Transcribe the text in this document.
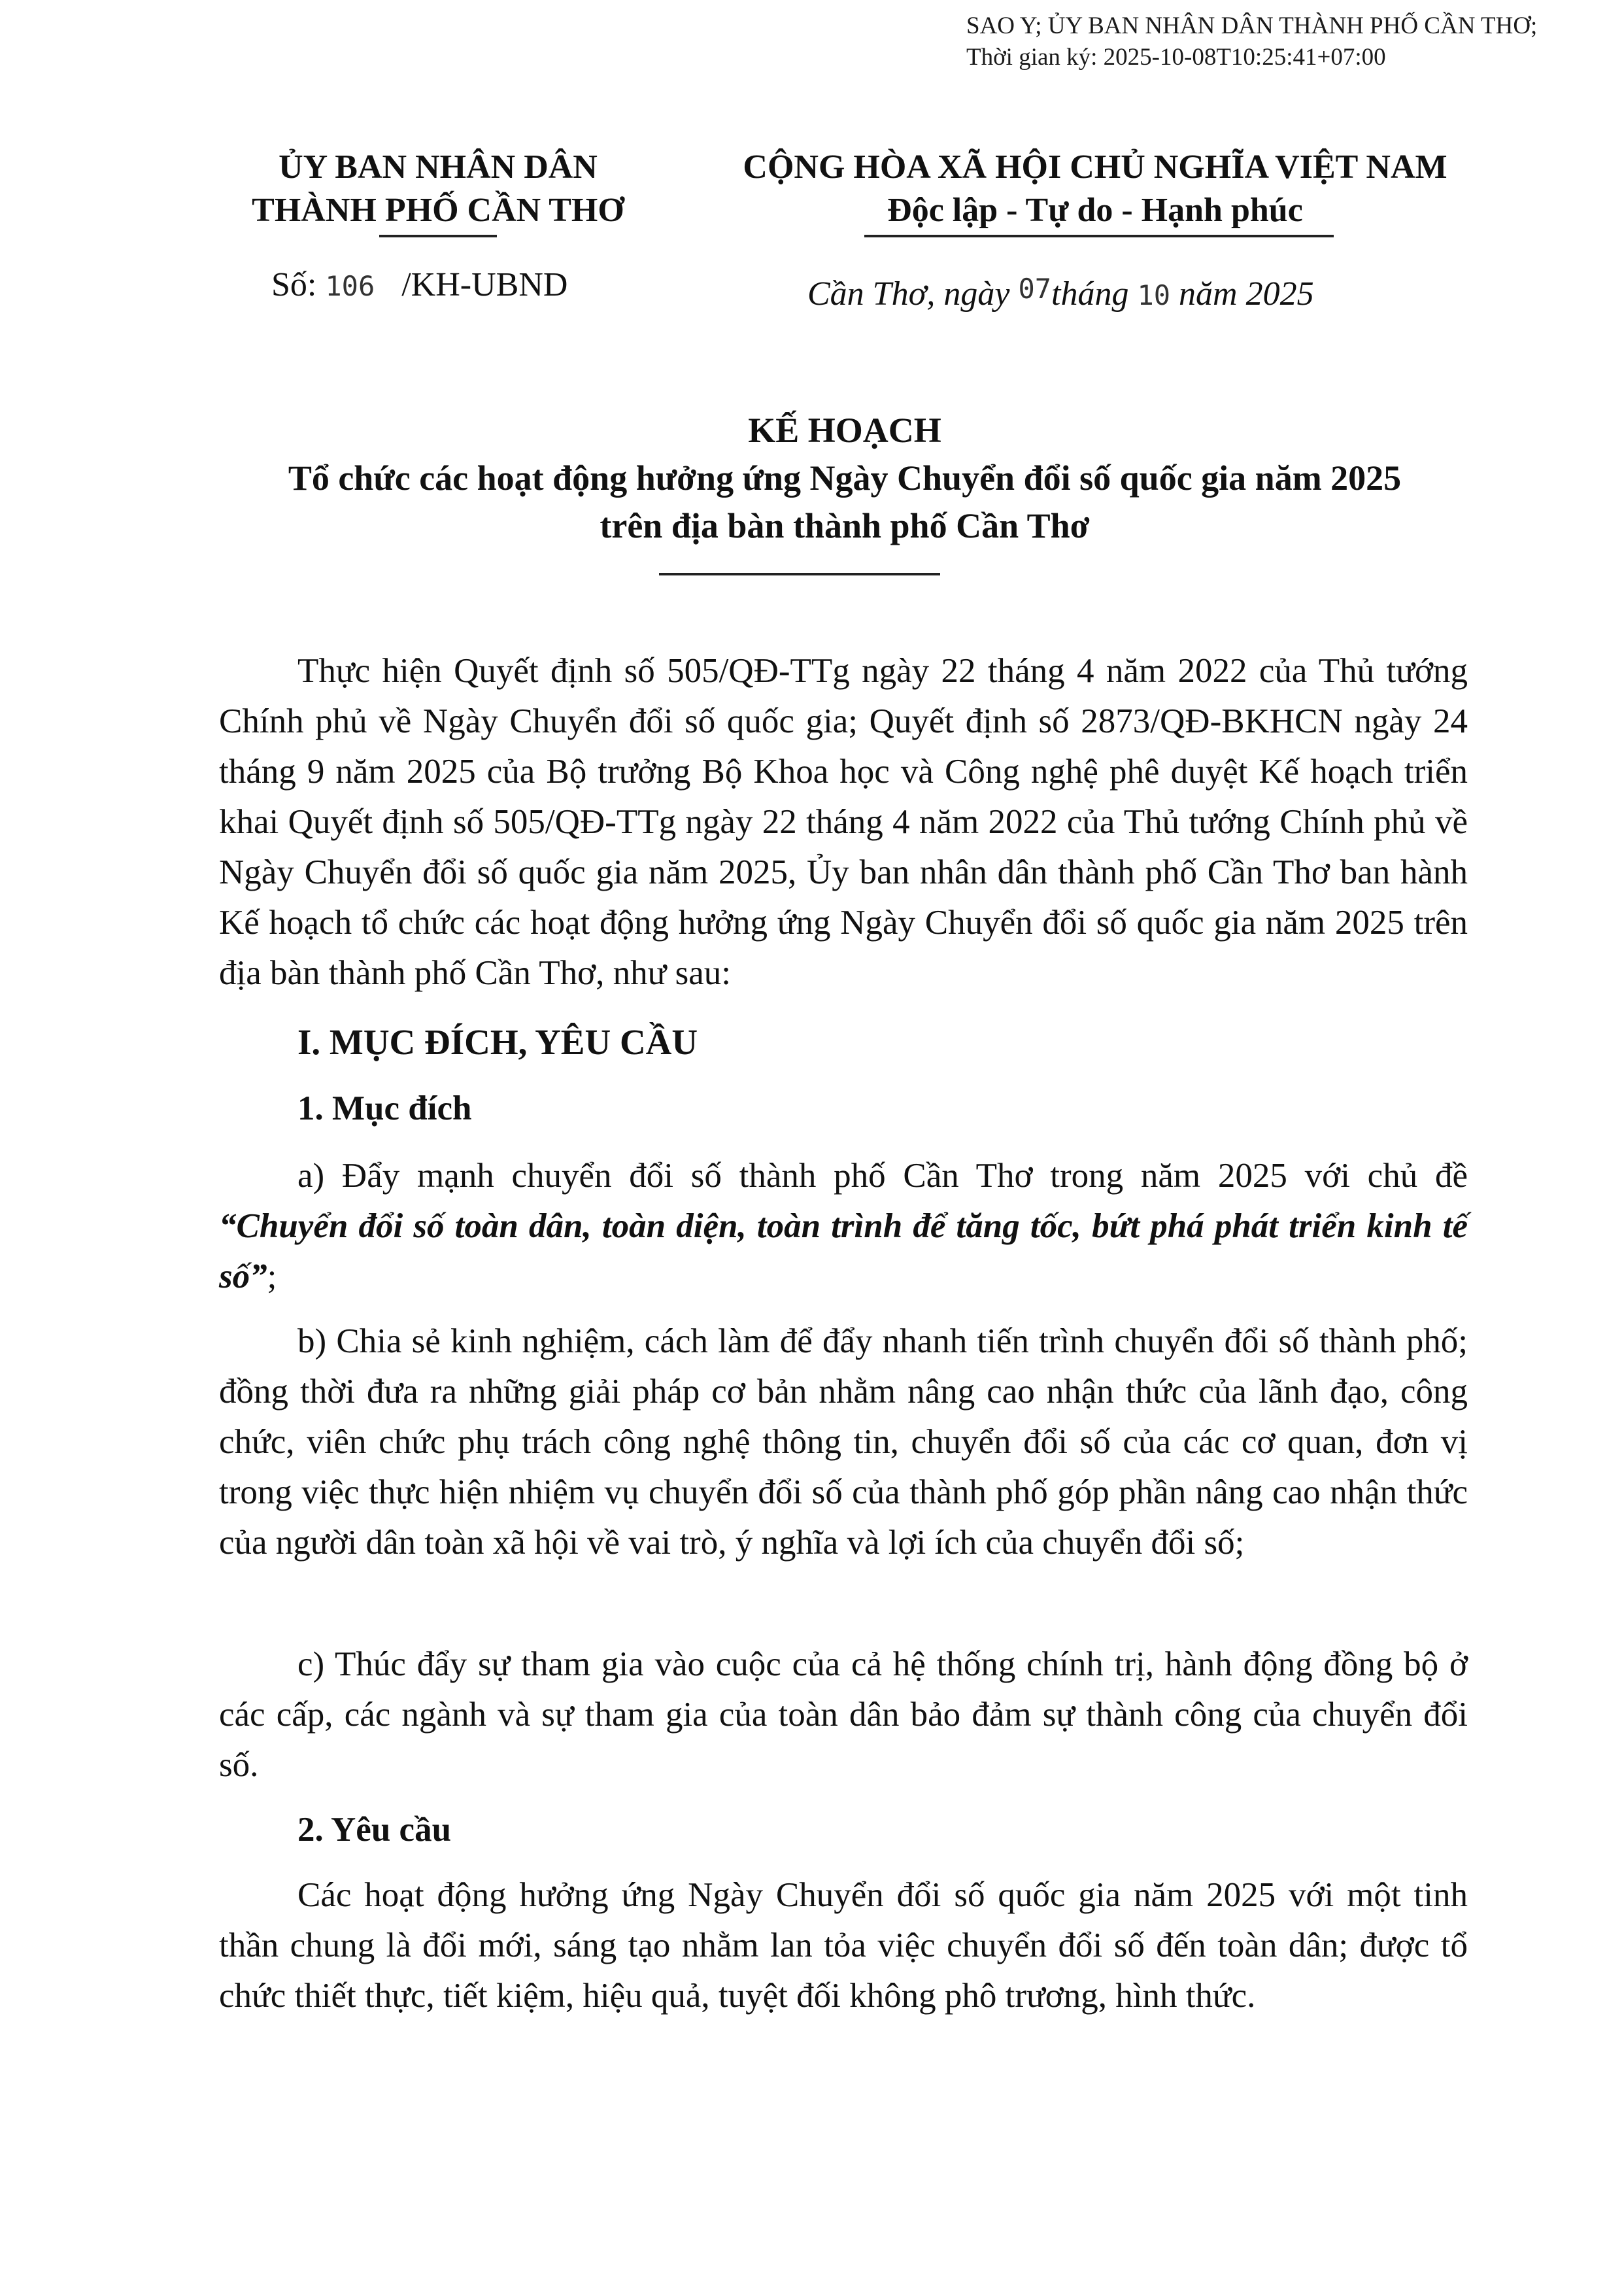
SAO Y; ỦY BAN NHÂN DÂN THÀNH PHỐ CẦN THƠ;
Thời gian ký: 2025-10-08T10:25:41+07:00
ỦY BAN NHÂN DÂN
THÀNH PHỐ CẦN THƠ
CỘNG HÒA XÃ HỘI CHỦ NGHĨA VIỆT NAM
Độc lập - Tự do - Hạnh phúc
Số: 106 /KH-UBND	Cần Thơ, ngày 07tháng 10 năm 2025
KẾ HOẠCH
Tổ chức các hoạt động hưởng ứng Ngày Chuyển đổi số quốc gia năm 2025
trên địa bàn thành phố Cần Thơ

Thực hiện Quyết định số 505/QĐ-TTg ngày 22 tháng 4 năm 2022 của Thủ tướng Chính phủ về Ngày Chuyển đổi số quốc gia; Quyết định số 2873/QĐ-BKHCN ngày 24 tháng 9 năm 2025 của Bộ trưởng Bộ Khoa học và Công nghệ phê duyệt Kế hoạch triển khai Quyết định số 505/QĐ-TTg ngày 22 tháng 4 năm 2022 của Thủ tướng Chính phủ về Ngày Chuyển đổi số quốc gia năm 2025, Ủy ban nhân dân thành phố Cần Thơ ban hành Kế hoạch tổ chức các hoạt động hưởng ứng Ngày Chuyển đổi số quốc gia năm 2025 trên địa bàn thành phố Cần Thơ, như sau:

I. MỤC ĐÍCH, YÊU CẦU
1. Mục đích

a) Đẩy mạnh chuyển đổi số thành phố Cần Thơ trong năm 2025 với chủ đề “Chuyển đổi số toàn dân, toàn diện, toàn trình để tăng tốc, bứt phá phát triển kinh tế số”;

b) Chia sẻ kinh nghiệm, cách làm để đẩy nhanh tiến trình chuyển đổi số thành phố; đồng thời đưa ra những giải pháp cơ bản nhằm nâng cao nhận thức của lãnh đạo, công chức, viên chức phụ trách công nghệ thông tin, chuyển đổi số của các cơ quan, đơn vị trong việc thực hiện nhiệm vụ chuyển đổi số của thành phố góp phần nâng cao nhận thức của người dân toàn xã hội về vai trò, ý nghĩa và lợi ích của chuyển đổi số;

c) Thúc đẩy sự tham gia vào cuộc của cả hệ thống chính trị, hành động đồng bộ ở các cấp, các ngành và sự tham gia của toàn dân bảo đảm sự thành công của chuyển đổi số.

2. Yêu cầu

Các hoạt động hưởng ứng Ngày Chuyển đổi số quốc gia năm 2025 với một tinh thần chung là đổi mới, sáng tạo nhằm lan tỏa việc chuyển đổi số đến toàn dân; được tổ chức thiết thực, tiết kiệm, hiệu quả, tuyệt đối không phô trương, hình thức.
